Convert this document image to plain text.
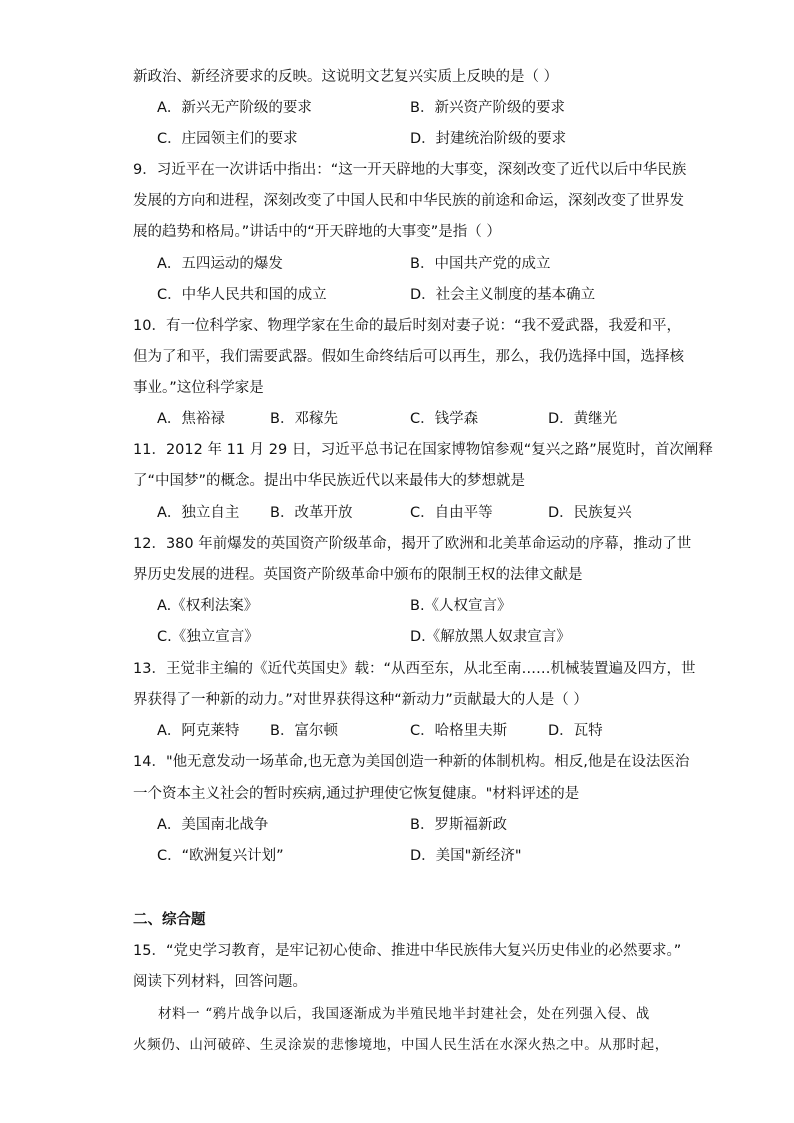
新政治、新经济要求的反映。这说明文艺复兴实质上反映的是（ ）
A．新兴无产阶级的要求	B．新兴资产阶级的要求
C．庄园领主们的要求	D．封建统治阶级的要求
9．习近平在一次讲话中指出：“这一开天辟地的大事变，深刻改变了近代以后中华民族
发展的方向和进程，深刻改变了中国人民和中华民族的前途和命运，深刻改变了世界发
展的趋势和格局。”讲话中的“开天辟地的大事变”是指（ ）
A．五四运动的爆发	B．中国共产党的成立
C．中华人民共和国的成立	D．社会主义制度的基本确立
10．有一位科学家、物理学家在生命的最后时刻对妻子说：“我不爱武器，我爱和平，
但为了和平，我们需要武器。假如生命终结后可以再生，那么，我仍选择中国，选择核
事业。”这位科学家是
A．焦裕禄	B．邓稼先	C．钱学森	D．黄继光
11．2012 年 11 月 29 日，习近平总书记在国家博物馆参观“复兴之路”展览时，首次阐释
了“中国梦”的概念。提出中华民族近代以来最伟大的梦想就是
A．独立自主 B．改革开放	C．自由平等	D．民族复兴
12．380 年前爆发的英国资产阶级革命，揭开了欧洲和北美革命运动的序幕，推动了世
界历史发展的进程。英国资产阶级革命中颁布的限制王权的法律文献是
A.《权利法案》	B.《人权宣言》
C.《独立宣言》	D.《解放黑人奴隶宣言》
13．王觉非主编的《近代英国史》载：“从西至东，从北至南……机械装置遍及四方，世
界获得了一种新的动力。”对世界获得这种“新动力”贡献最大的人是（ ）
A．阿克莱特 B．富尔顿	C．哈格里夫斯	D．瓦特
14．"他无意发动一场革命,也无意为美国创造一种新的体制机构。相反,他是在设法医治
一个资本主义社会的暂时疾病,通过护理使它恢复健康。"材料评述的是
A．美国南北战争	B．罗斯福新政
C．“欧洲复兴计划”	D．美国"新经济"
二、综合题
15．“党史学习教育，是牢记初心使命、推进中华民族伟大复兴历史伟业的必然要求。”
阅读下列材料，回答问题。
材料一 “鸦片战争以后，我国逐渐成为半殖民地半封建社会，处在列强入侵、战
火频仍、山河破碎、生灵涂炭的悲惨境地，中国人民生活在水深火热之中。从那时起，
